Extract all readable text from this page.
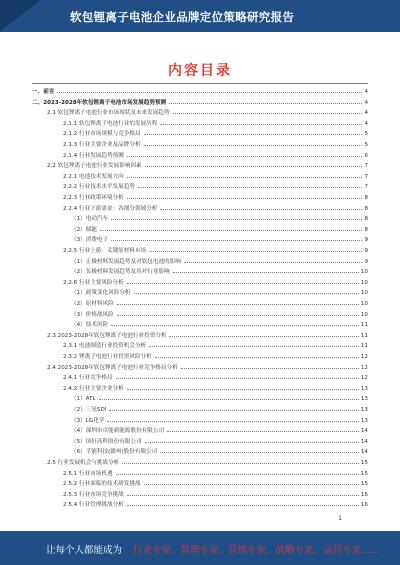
软包锂离子电池企业品牌定位策略研究报告
内容目录
一、前言	4
二、2023-2028年软包锂离子电池市场发展趋势预测	4
2.1 软包锂离子电池行业市场现状及未来发展趋势	4
2.1.1 软包锂离子电池行业的发展历程	4
2.1.2 行业市场规模与竞争格局	5
2.1.3 行业主要企业及品牌分析	5
2.1.4 行业发展趋势预测	6
2.2 软包锂离子电池行业发展影响因素	7
2.2.1 电池技术发展方向	7
2.2.2 行业技术水平发展趋势	7
2.2.3 行业政策环境分析	8
2.2.4 行业下游需求：各细分领域分析	8
（1）电动汽车	8
（2）储能	8
（3）消费电子	9
2.2.5 行业上游：关键原材料市场	9
（1）正极材料发展趋势及对软包电池的影响	9
（2）负极材料发展趋势及其对行业影响	10
2.2.6 行业主要风险分析	10
（1）政策变化风险分析	10
（2）原材料风险	10
（3）价格战风险	10
（4）技术风险	11
2.3 2023-2028年软包锂离子电池行业投资分析	11
2.3.1 电池制造行业投资机会分析	11
2.3.2 锂离子电池行业投资风险分析	12
2.4 2023-2028年软包锂离子电池行业竞争格局分析	12
2.4.1 行业竞争格局	12
2.4.2 行业主要企业分析	13
（1）ATL	13
（2）三星SDI	13
（3）LG化学	13
（4）深圳市卓能新能源股份有限公司	14
（5）国轩高科股份有限公司	14
（6）孚能科技(赣州)股份有限公司	14
2.5 行业发展机会与挑战分析	15
2.5.1 行业市场机遇	15
2.5.2 行业面临的技术研发挑战	15
2.5.3 行业市场竞争挑战	16
2.5.4 行业管理挑战分析	16
1
让每个人都能成为 行业专家、管理专家、营销专家、战略专家、运营专家……
